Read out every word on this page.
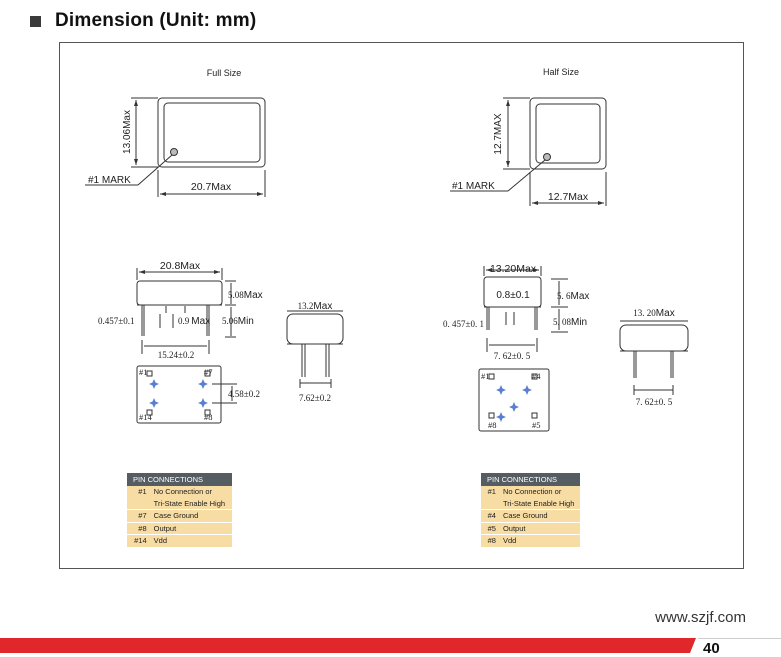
Dimension (Unit: mm)
Full Size
13.06Max
#1 MARK
20.7Max
20.8Max
5.08Max
0.457±0.1	0.9 Max 5.06Min
15.24±0.2
13.2Max
7.62±0.2
4.58±0.2
#1	#7
#14	#8
Half Size
12.7MAX
#1 MARK
12.7Max
13.20Max
0.8±0.1	5. 6Max
0. 457±0. 1	5. 08Min
7. 62±0. 5
13. 20Max
7. 62±0. 5
#1	#4
#8	#5
PIN CONNECTIONS	
#1	No Connection or
	Tri-State Enable High
#7	Case Ground
#8	Output
#14	Vdd
PIN CONNECTIONS	
#1	No Connection or
	Tri-State Enable High
#4	Case Ground
#5	Output
#8	Vdd
www.szjf.com
40
